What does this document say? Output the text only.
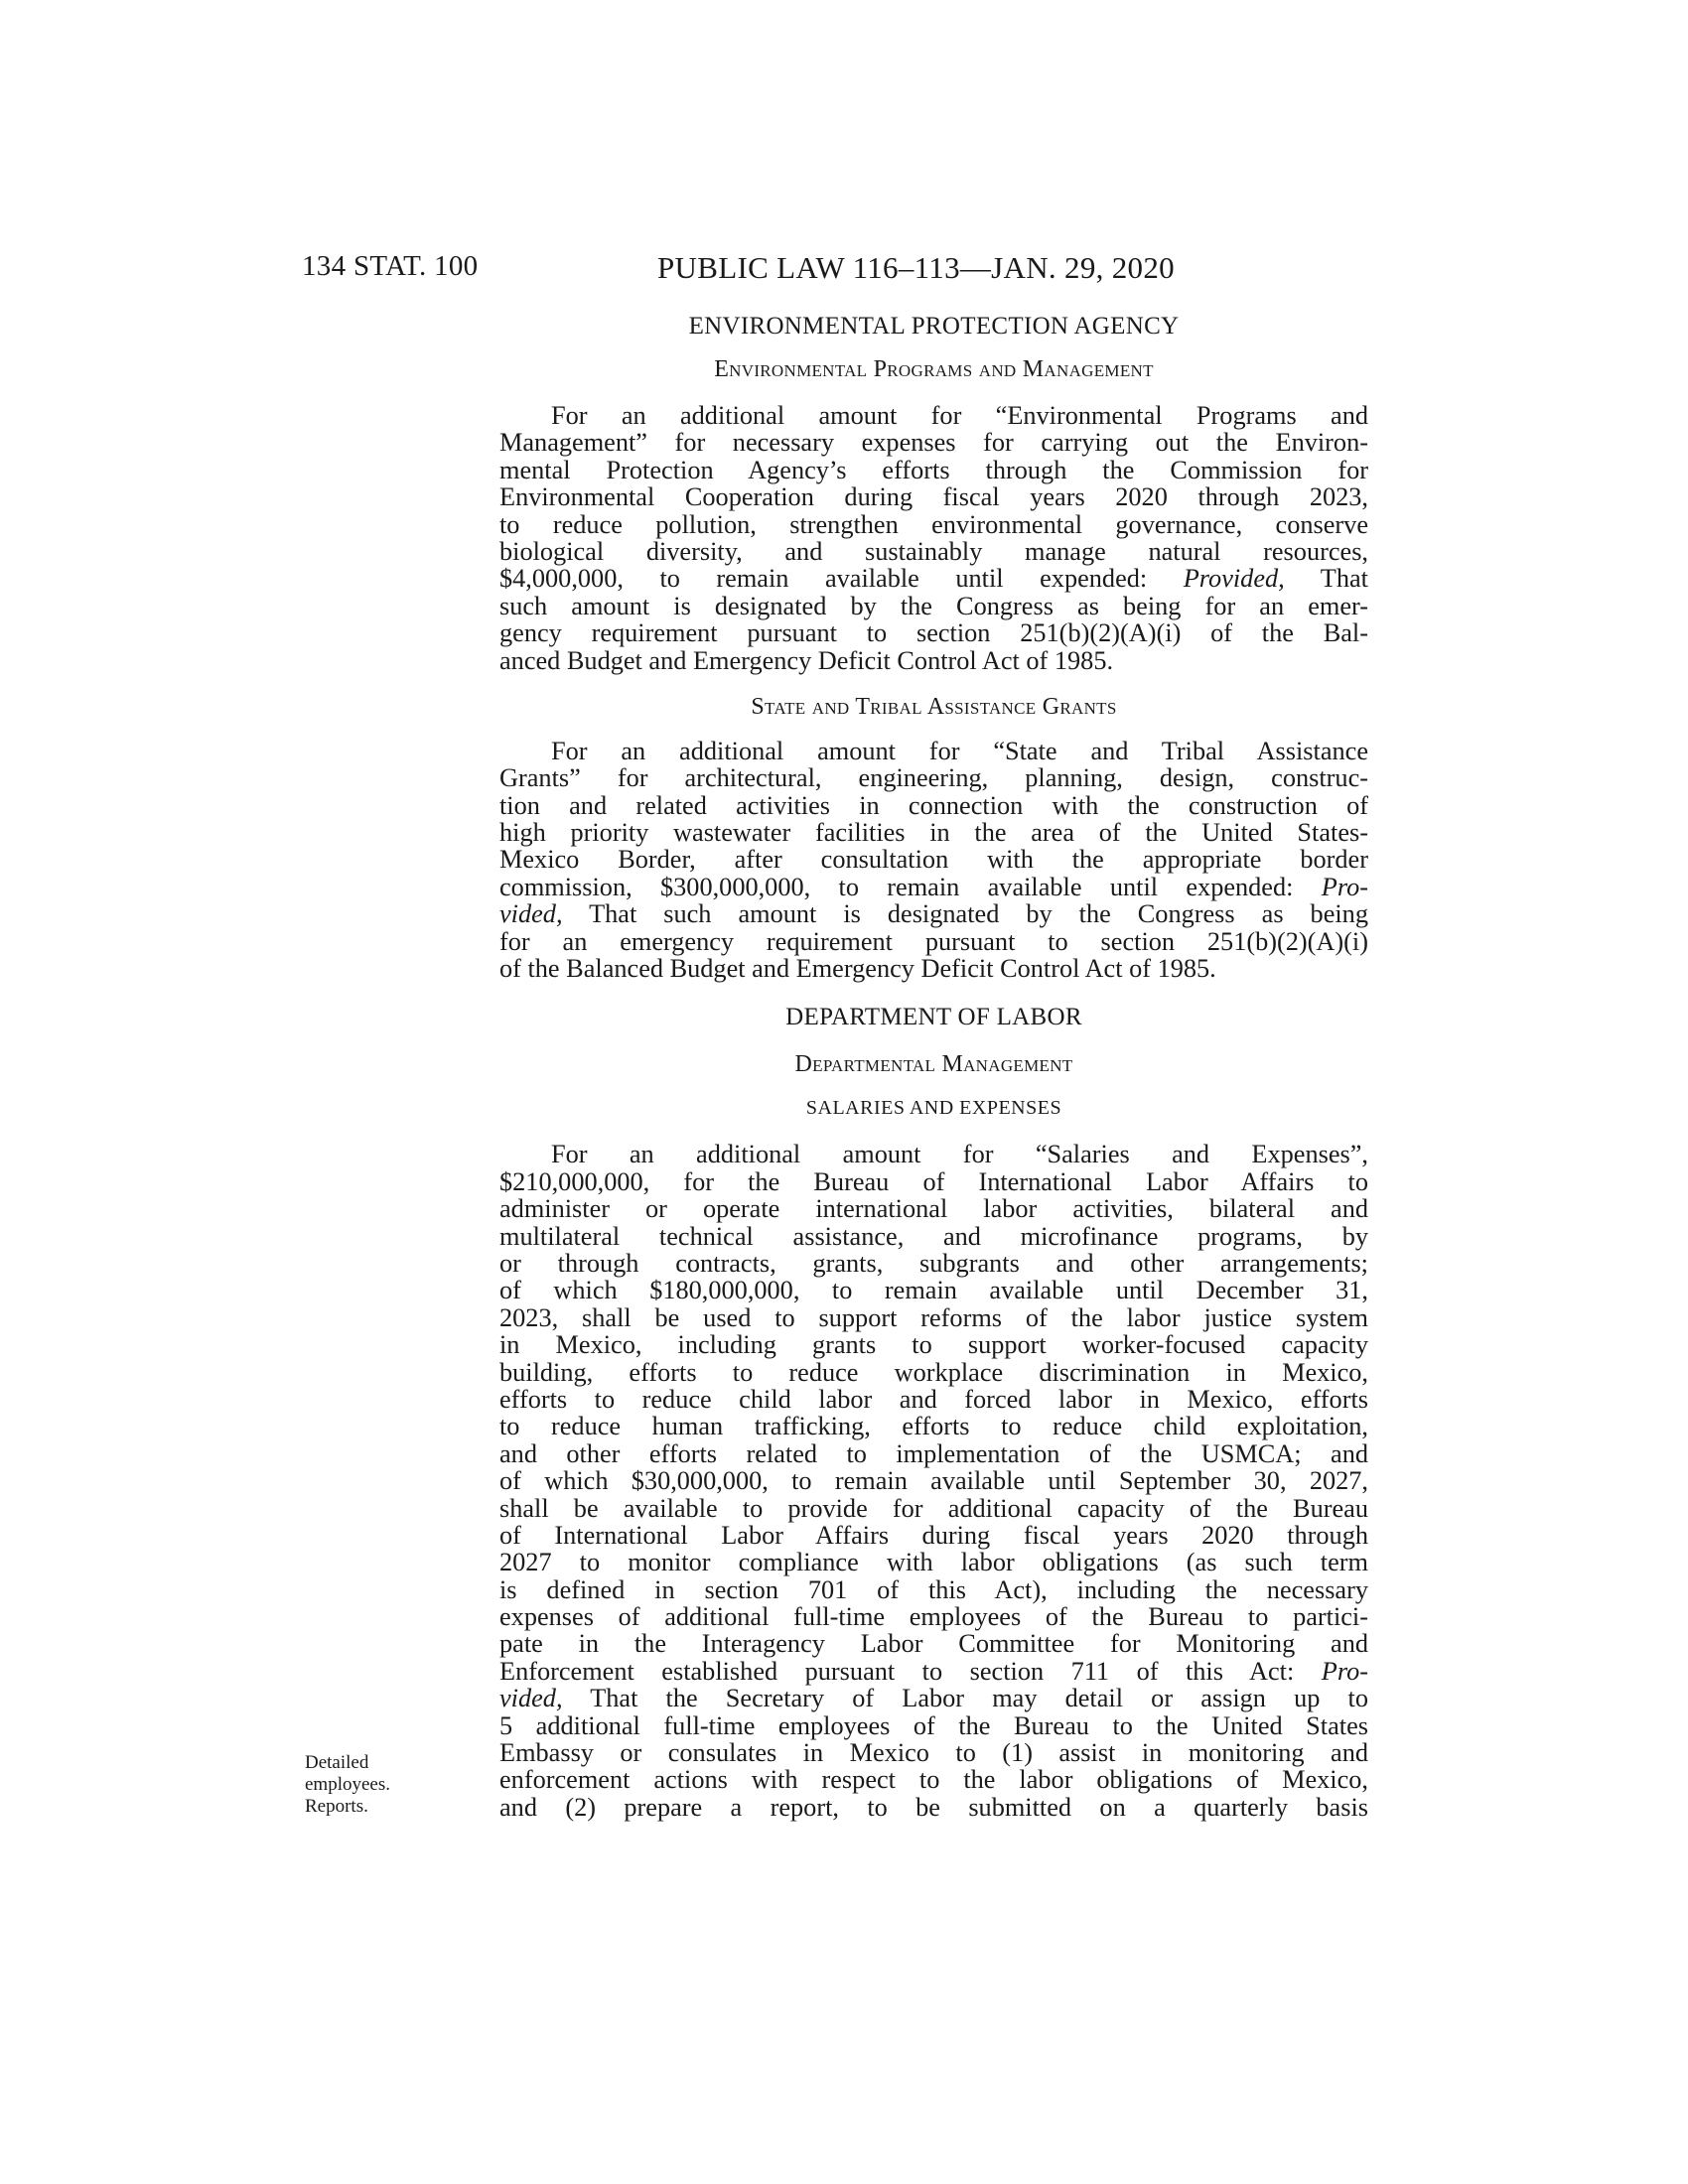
134 STAT. 100	PUBLIC LAW 116–113—JAN. 29, 2020

ENVIRONMENTAL PROTECTION AGENCY

Environmental Programs and Management

For an additional amount for “Environmental Programs and
Management” for necessary expenses for carrying out the Environ-
mental Protection Agency’s efforts through the Commission for
Environmental Cooperation during fiscal years 2020 through 2023,
to reduce pollution, strengthen environmental governance, conserve
biological diversity, and sustainably manage natural resources,
$4,000,000, to remain available until expended: Provided, That
such amount is designated by the Congress as being for an emer-
gency requirement pursuant to section 251(b)(2)(A)(i) of the Bal-
anced Budget and Emergency Deficit Control Act of 1985.

State and Tribal Assistance Grants

For an additional amount for “State and Tribal Assistance
Grants” for architectural, engineering, planning, design, construc-
tion and related activities in connection with the construction of
high priority wastewater facilities in the area of the United States-
Mexico Border, after consultation with the appropriate border
commission, $300,000,000, to remain available until expended: Pro-
vided, That such amount is designated by the Congress as being
for an emergency requirement pursuant to section 251(b)(2)(A)(i)
of the Balanced Budget and Emergency Deficit Control Act of 1985.

DEPARTMENT OF LABOR

Departmental Management

SALARIES AND EXPENSES

For an additional amount for “Salaries and Expenses”,
$210,000,000, for the Bureau of International Labor Affairs to
administer or operate international labor activities, bilateral and
multilateral technical assistance, and microfinance programs, by
or through contracts, grants, subgrants and other arrangements;
of which $180,000,000, to remain available until December 31,
2023, shall be used to support reforms of the labor justice system
in Mexico, including grants to support worker-focused capacity
building, efforts to reduce workplace discrimination in Mexico,
efforts to reduce child labor and forced labor in Mexico, efforts
to reduce human trafficking, efforts to reduce child exploitation,
and other efforts related to implementation of the USMCA; and
of which $30,000,000, to remain available until September 30, 2027,
shall be available to provide for additional capacity of the Bureau
of International Labor Affairs during fiscal years 2020 through
2027 to monitor compliance with labor obligations (as such term
is defined in section 701 of this Act), including the necessary
expenses of additional full-time employees of the Bureau to partici-
pate in the Interagency Labor Committee for Monitoring and
Enforcement established pursuant to section 711 of this Act: Pro-
vided, That the Secretary of Labor may detail or assign up to
5 additional full-time employees of the Bureau to the United States
Embassy or consulates in Mexico to (1) assist in monitoring and
enforcement actions with respect to the labor obligations of Mexico,
and (2) prepare a report, to be submitted on a quarterly basis
Detailed
employees.
Reports.
